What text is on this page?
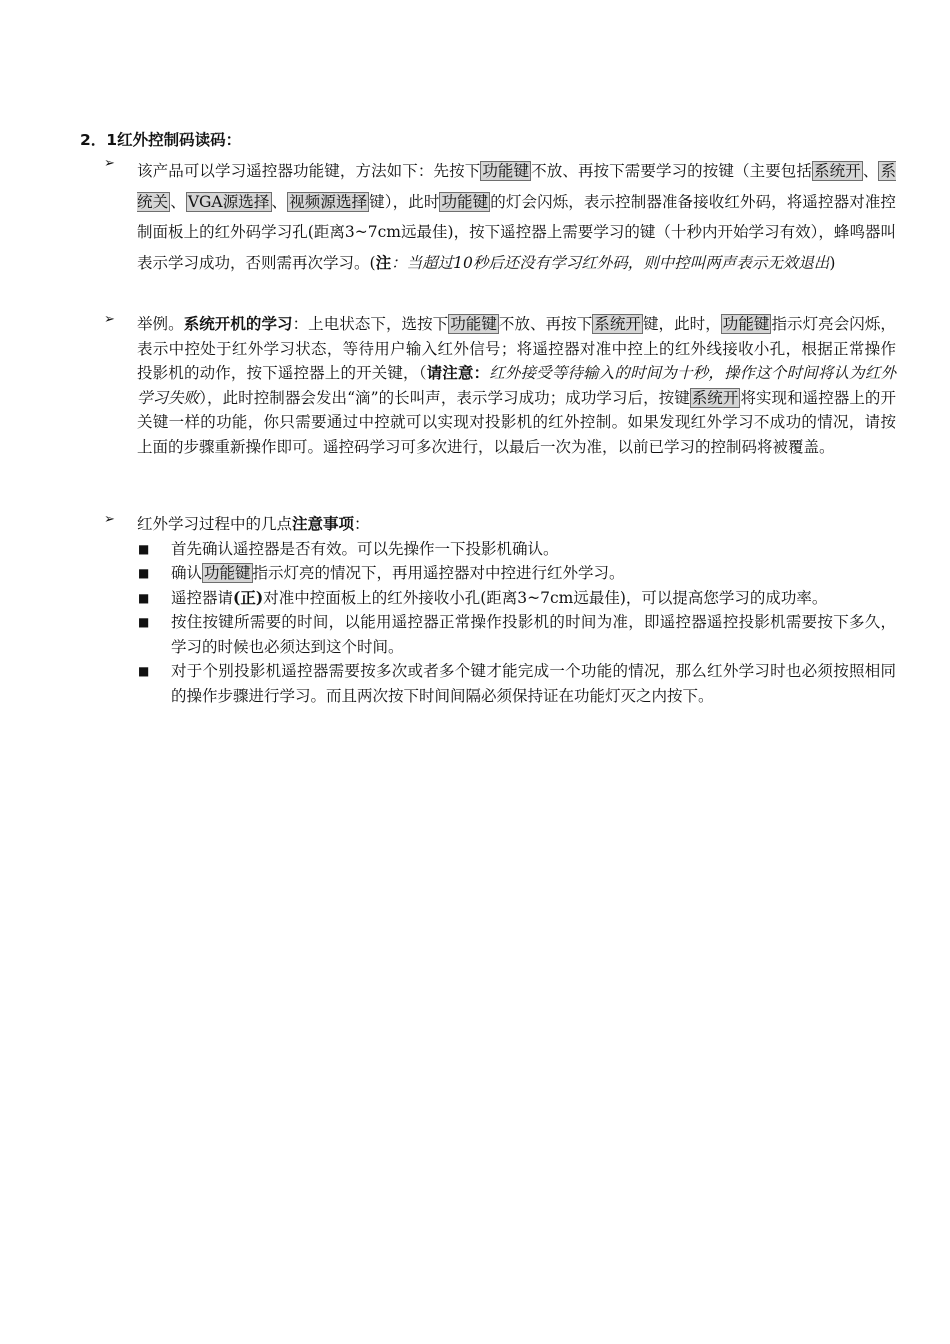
2．1红外控制码读码：
➢	该产品可以学习遥控器功能键，方法如下：先按下 功能键 不放、再按下需要学习的按键（主要包括 系统开 、 系统关 、 VGA源选择 、 视频源选择 键），此时 功能键 的灯会闪烁，表示控制器准备接收红外码，将遥控器对准控制面板上的红外码学习孔(距离3~7cm远最佳)，按下遥控器上需要学习的键（十秒内开始学习有效），蜂鸣器叫表示学习成功，否则需再次学习。(注：当超过10秒后还没有学习红外码，则中控叫两声表示无效退出)
➢	举例。系统开机的学习：上电状态下，选按下 功能键 不放、再按下 系统开 键，此时， 功能键 指示灯亮会闪烁，表示中控处于红外学习状态，等待用户输入红外信号；将遥控器对准中控上的红外线接收小孔，根据正常操作投影机的动作，按下遥控器上的开关键，（请注意：红外接受等待输入的时间为十秒，操作这个时间将认为红外学习失败），此时控制器会发出“滴”的长叫声，表示学习成功；成功学习后，按键 系统开 将实现和遥控器上的开关键一样的功能，你只需要通过中控就可以实现对投影机的红外控制。如果发现红外学习不成功的情况，请按上面的步骤重新操作即可。遥控码学习可多次进行，以最后一次为准，以前已学习的控制码将被覆盖。
➢	红外学习过程中的几点注意事项：
■ 首先确认遥控器是否有效。可以先操作一下投影机确认。
■ 确认 功能键 指示灯亮的情况下，再用遥控器对中控进行红外学习。
■ 遥控器请(正)对准中控面板上的红外接收小孔(距离3~7cm远最佳)，可以提高您学习的成功率。
■ 按住按键所需要的时间，以能用遥控器正常操作投影机的时间为准，即遥控器遥控投影机需要按下多久，学习的时候也必须达到这个时间。
■ 对于个别投影机遥控器需要按多次或者多个键才能完成一个功能的情况，那么红外学习时也必须按照相同的操作步骤进行学习。而且两次按下时间间隔必须保持证在功能灯灭之内按下。
